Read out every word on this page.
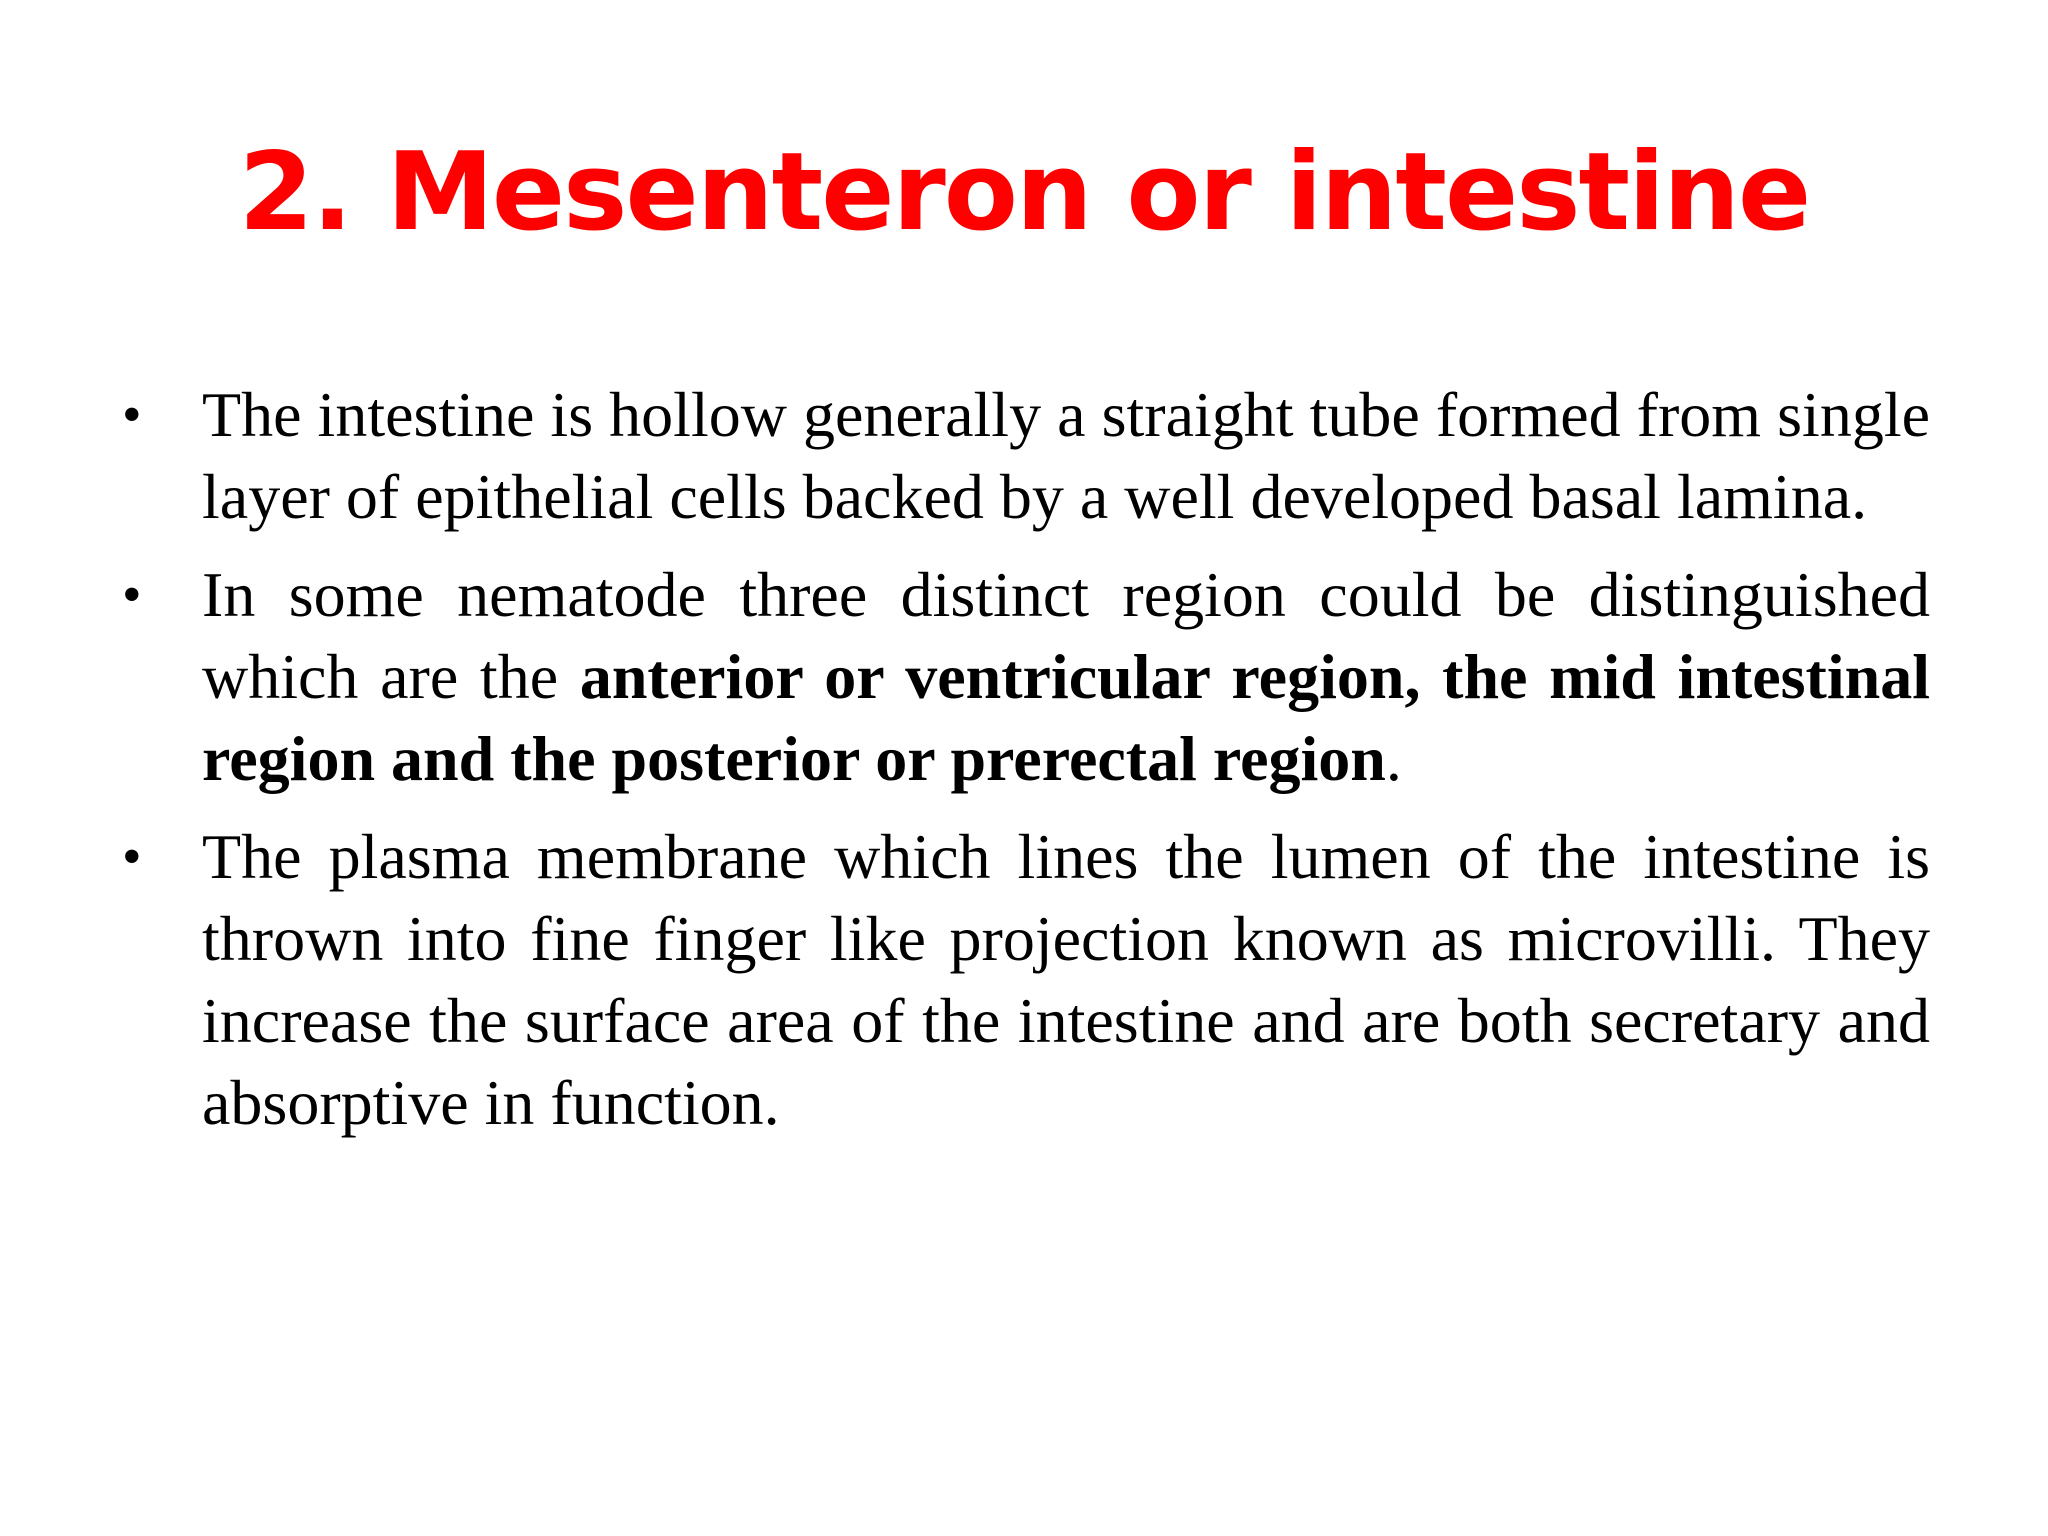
2. Mesenteron or intestine
• The intestine is hollow generally a straight tube formed from single layer of epithelial cells backed by a well developed basal lamina.
• In some nematode three distinct region could be distinguished which are the anterior or ventricular region, the mid intestinal region and the posterior or prerectal region.
• The plasma membrane which lines the lumen of the intestine is thrown into fine finger like projection known as microvilli. They increase the surface area of the intestine and are both secretary and absorptive in function.
